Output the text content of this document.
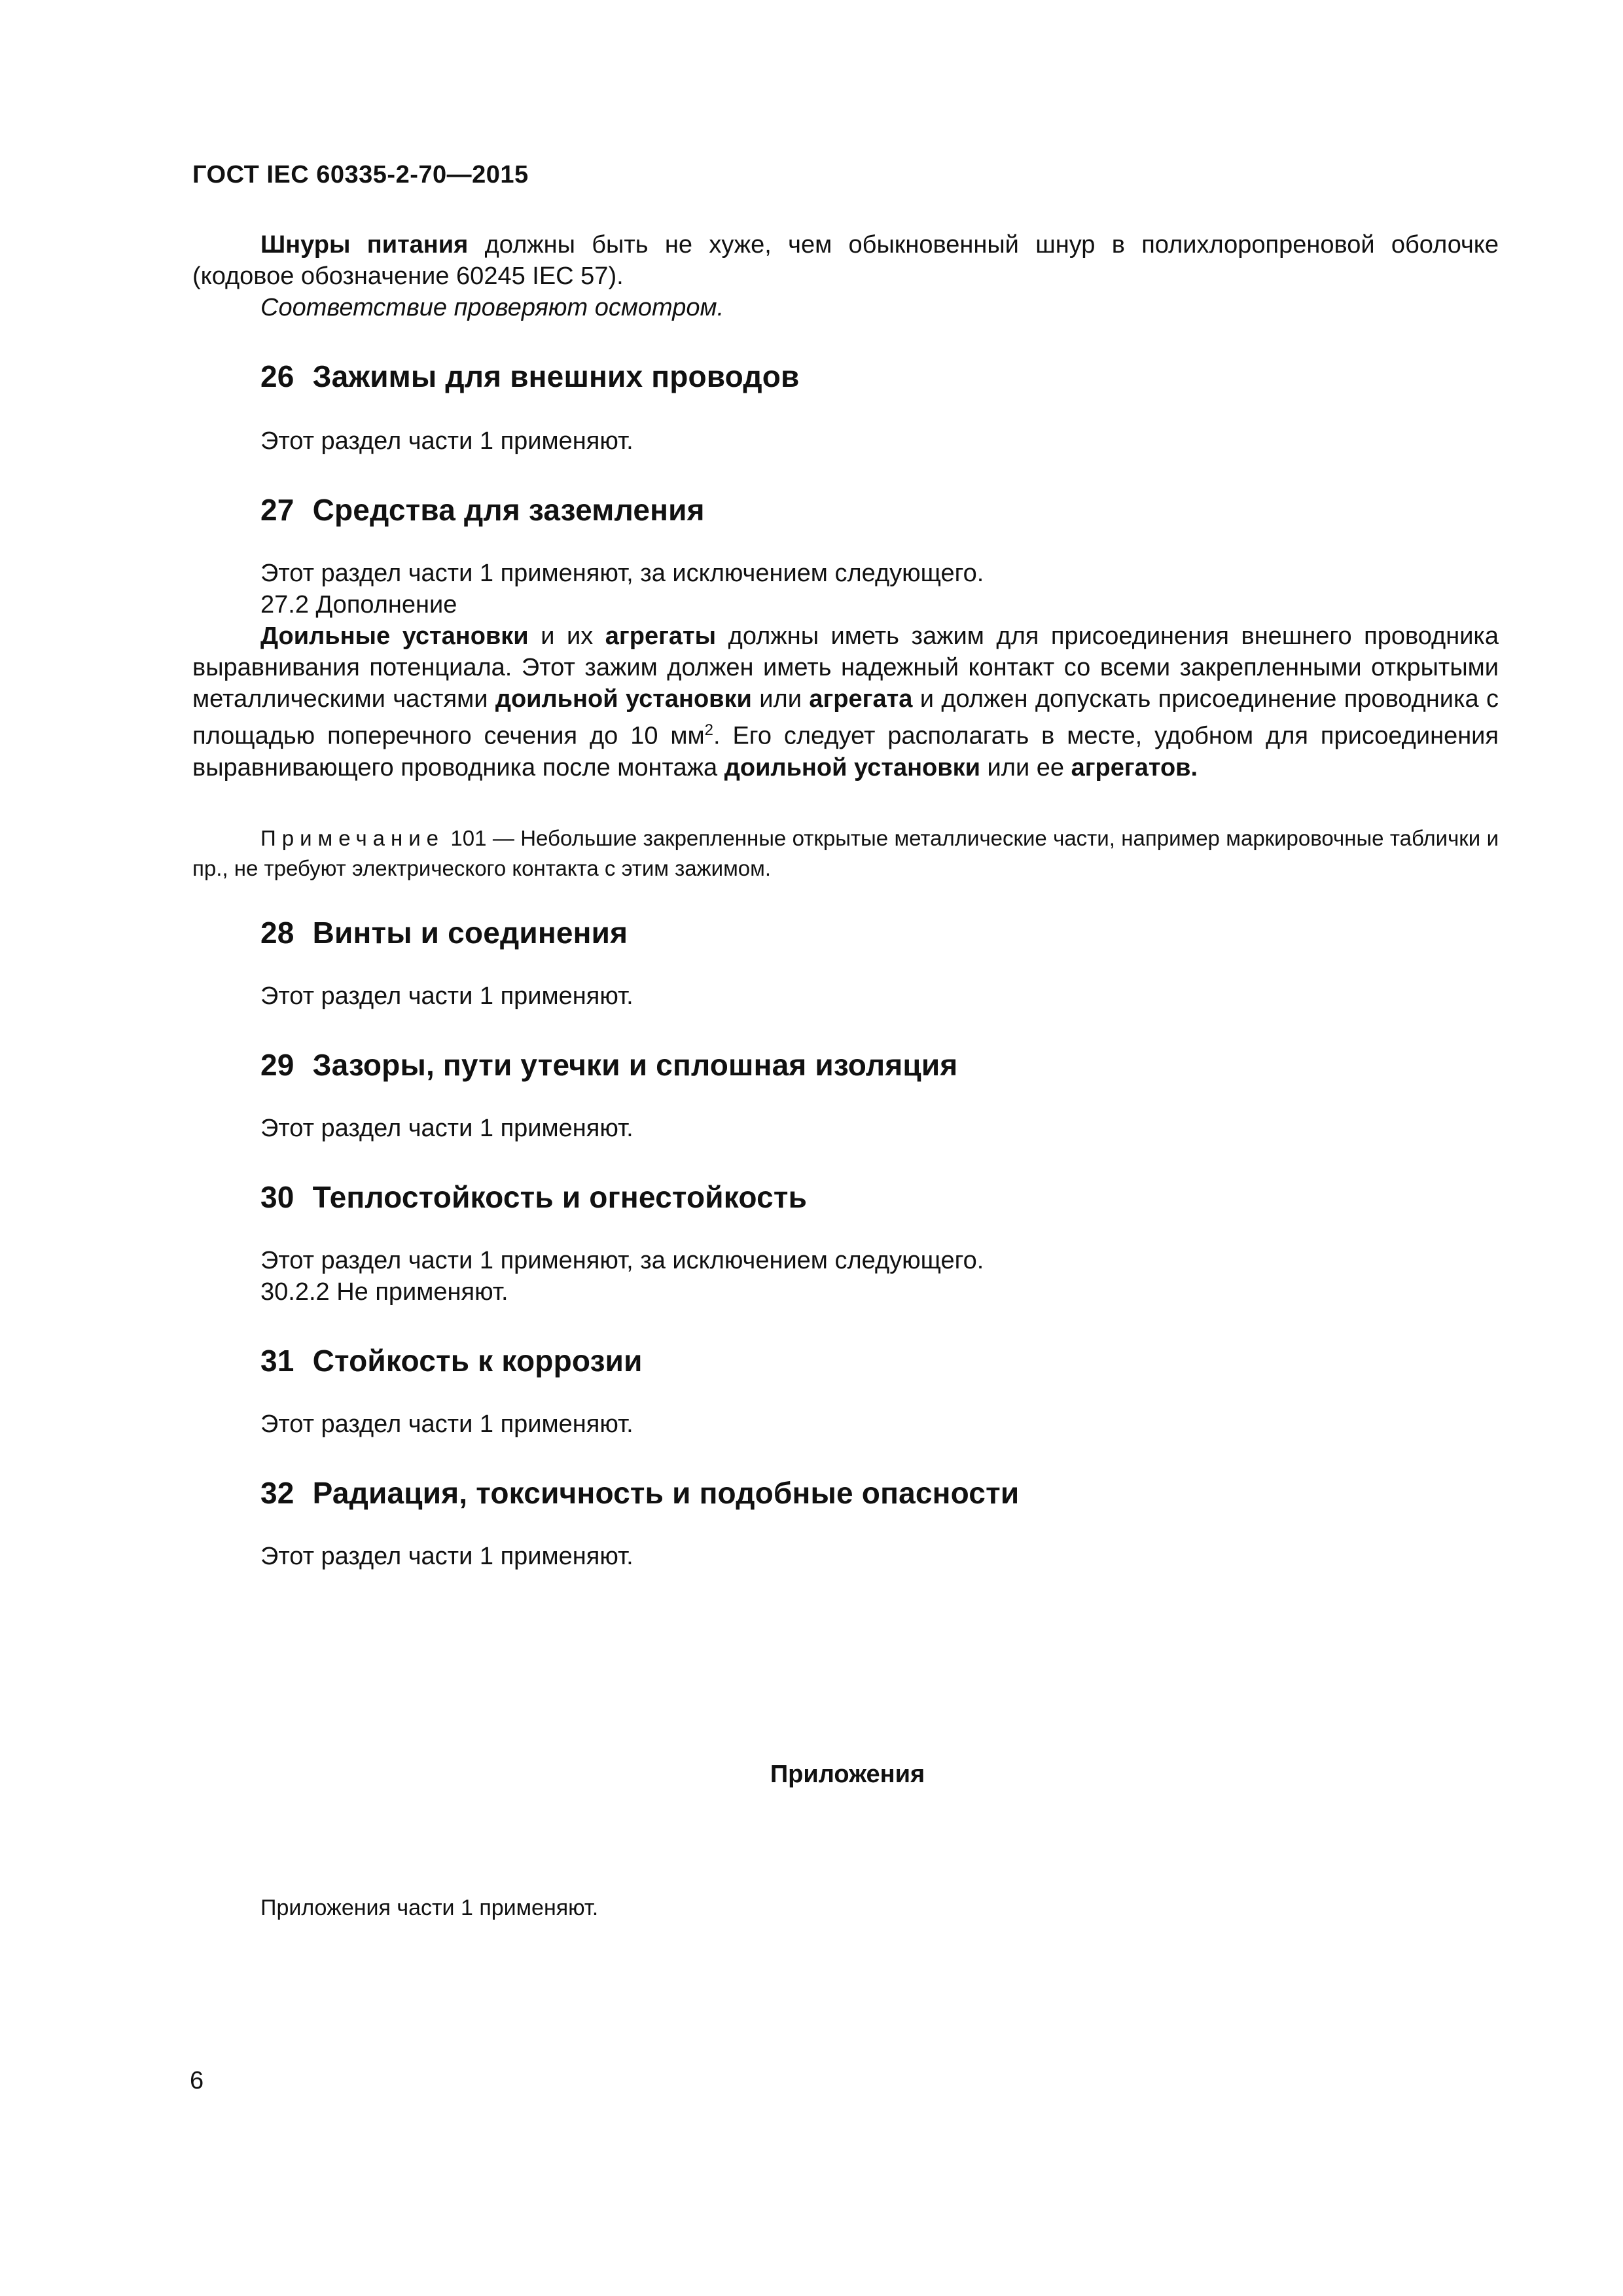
ГОСТ IEC 60335-2-70—2015

Шнуры питания должны быть не хуже, чем обыкновенный шнур в полихлоропреновой оболочке (кодовое обозначение 60245 IEC 57).

Соответствие проверяют осмотром.

26 Зажимы для внешних проводов

Этот раздел части 1 применяют.

27 Средства для заземления

Этот раздел части 1 применяют, за исключением следующего.

27.2 Дополнение

Доильные установки и их агрегаты должны иметь зажим для присоединения внешнего проводника выравнивания потенциала. Этот зажим должен иметь надежный контакт со всеми закрепленными открытыми металлическими частями доильной установки или агрегата и должен допускать присоединение проводника с площадью поперечного сечения до 10 $мм^2$. Его следует располагать в месте, удобном для присоединения выравнивающего проводника после монтажа доильной установки или ее агрегатов.

Примечание 101 — Небольшие закрепленные открытые металлические части, например маркировочные таблички и пр., не требуют электрического контакта с этим зажимом.

28 Винты и соединения

Этот раздел части 1 применяют.

29 Зазоры, пути утечки и сплошная изоляция

Этот раздел части 1 применяют.

30 Теплостойкость и огнестойкость

Этот раздел части 1 применяют, за исключением следующего.

30.2.2 Не применяют.

31 Стойкость к коррозии

Этот раздел части 1 применяют.

32 Радиация, токсичность и подобные опасности

Этот раздел части 1 применяют.

Приложения
Приложения части 1 применяют.
6
